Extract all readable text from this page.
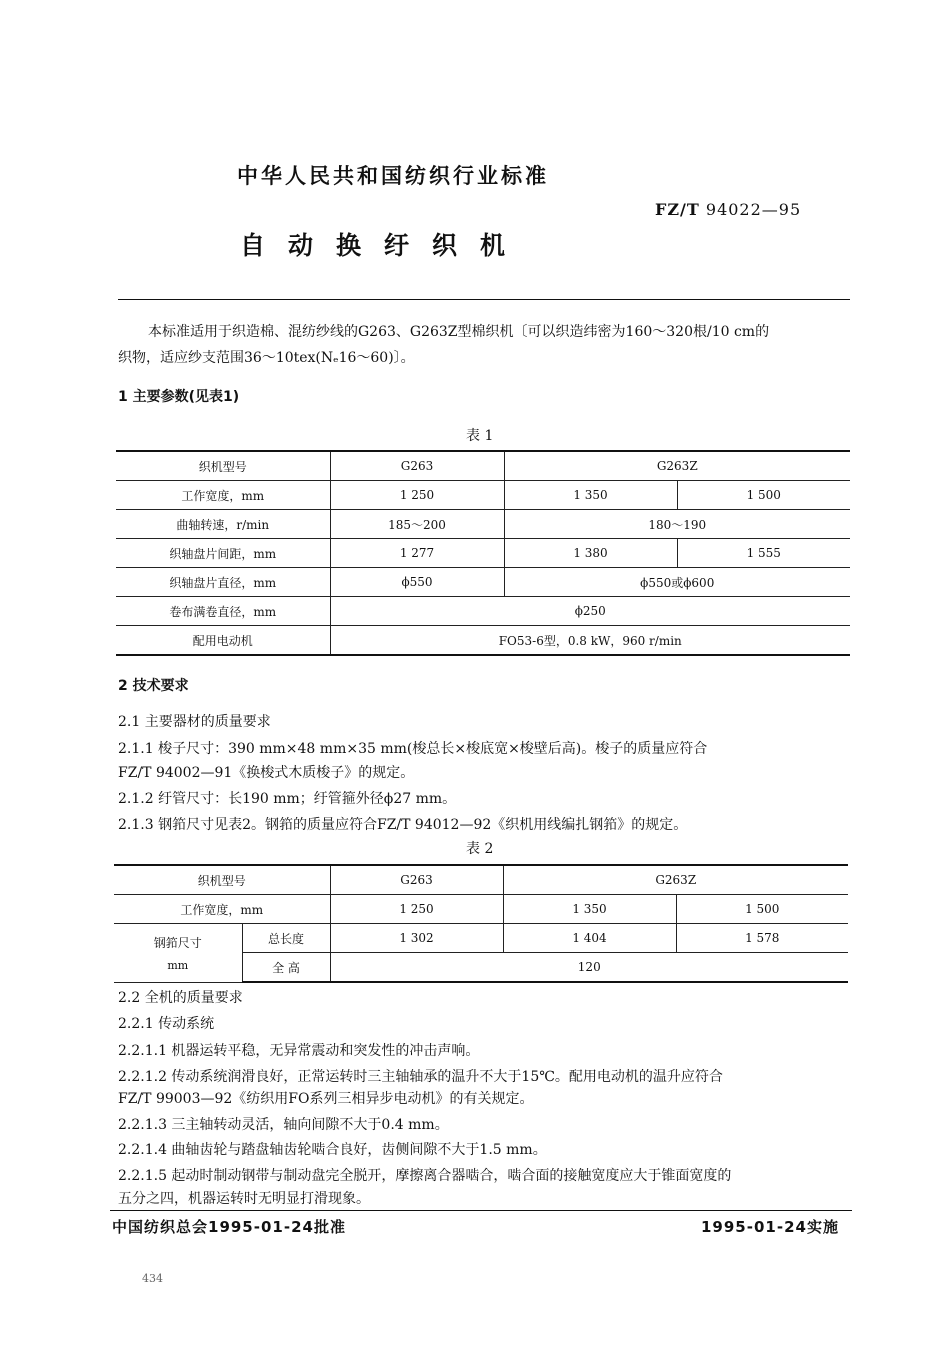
中华人民共和国纺织行业标准
FZ/T 94022—95
自动换纡织机
本标准适用于织造棉、混纺纱线的G263、G263Z型棉织机〔可以织造纬密为160～320根/10 cm的
织物，适应纱支范围36～10tex(Nₑ16～60)〕。
1 主要参数(见表1)
表 1
织机型号	G263	G263Z	
工作宽度，mm	1 250	1 350	1 500
曲轴转速，r/min	185～200	180～190	
织轴盘片间距，mm	1 277	1 380	1 555
织轴盘片直径，mm	ϕ550	ϕ550或ϕ600	
卷布满卷直径，mm	ϕ250		
配用电动机	FO53-6型，0.8 kW，960 r/min		
2 技术要求
2.1 主要器材的质量要求
2.1.1 梭子尺寸：390 mm×48 mm×35 mm(梭总长×梭底宽×梭壁后高)。梭子的质量应符合
FZ/T 94002—91《换梭式木质梭子》的规定。
2.1.2 纡管尺寸：长190 mm；纡管箍外径ϕ27 mm。
2.1.3 钢筘尺寸见表2。钢筘的质量应符合FZ/T 94012—92《织机用线编扎钢筘》的规定。
表 2
织机型号		G263	G263Z	
工作宽度，mm		1 250	1 350	1 500

钢筘尺寸
mm	总长度	1 302	1 404	1 578
	全 高	120		
2.2 全机的质量要求
2.2.1 传动系统
2.2.1.1 机器运转平稳，无异常震动和突发性的冲击声响。
2.2.1.2 传动系统润滑良好，正常运转时三主轴轴承的温升不大于15℃。配用电动机的温升应符合
FZ/T 99003—92《纺织用FO系列三相异步电动机》的有关规定。
2.2.1.3 三主轴转动灵活，轴向间隙不大于0.4 mm。
2.2.1.4 曲轴齿轮与踏盘轴齿轮啮合良好，齿侧间隙不大于1.5 mm。
2.2.1.5 起动时制动钢带与制动盘完全脱开，摩擦离合器啮合，啮合面的接触宽度应大于锥面宽度的
五分之四，机器运转时无明显打滑现象。
中国纺织总会1995-01-24批准	1995-01-24实施
434
